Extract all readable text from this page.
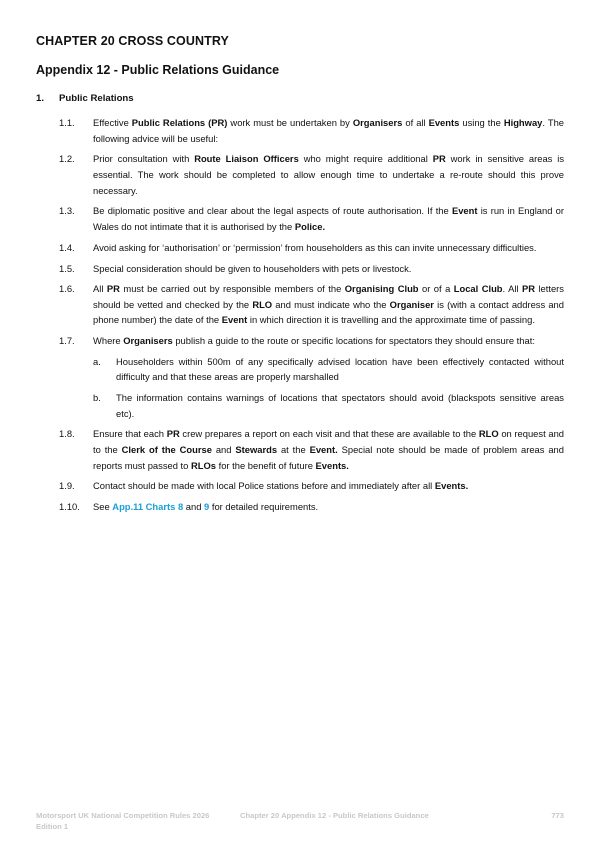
CHAPTER 20 CROSS COUNTRY
Appendix 12 - Public Relations Guidance
1. Public Relations
1.1. Effective Public Relations (PR) work must be undertaken by Organisers of all Events using the Highway. The following advice will be useful:
1.2. Prior consultation with Route Liaison Officers who might require additional PR work in sensitive areas is essential. The work should be completed to allow enough time to undertake a re-route should this prove necessary.
1.3. Be diplomatic positive and clear about the legal aspects of route authorisation. If the Event is run in England or Wales do not intimate that it is authorised by the Police.
1.4. Avoid asking for ‘authorisation’ or ‘permission’ from householders as this can invite unnecessary difficulties.
1.5. Special consideration should be given to householders with pets or livestock.
1.6. All PR must be carried out by responsible members of the Organising Club or of a Local Club. All PR letters should be vetted and checked by the RLO and must indicate who the Organiser is (with a contact address and phone number) the date of the Event in which direction it is travelling and the approximate time of passing.
1.7. Where Organisers publish a guide to the route or specific locations for spectators they should ensure that:
a. Householders within 500m of any specifically advised location have been effectively contacted without difficulty and that these areas are properly marshalled
b. The information contains warnings of locations that spectators should avoid (blackspots sensitive areas etc).
1.8. Ensure that each PR crew prepares a report on each visit and that these are available to the RLO on request and to the Clerk of the Course and Stewards at the Event. Special note should be made of problem areas and reports must passed to RLOs for the benefit of future Events.
1.9. Contact should be made with local Police stations before and immediately after all Events.
1.10. See App.11 Charts 8 and 9 for detailed requirements.
Motorsport UK National Competition Rules 2026
Edition 1
Chapter 20 Appendix 12 - Public Relations Guidance	773
